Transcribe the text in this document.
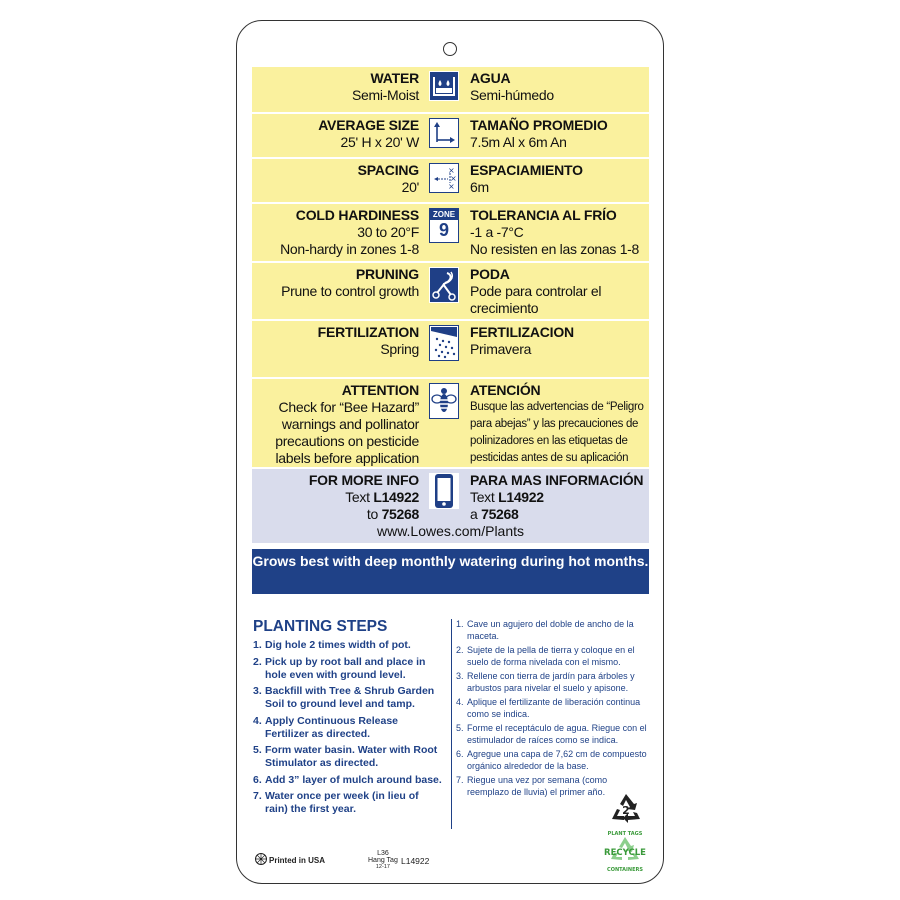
WATER
Semi-Moist
AGUA
Semi-húmedo
AVERAGE SIZE
25' H x 20' W
TAMAÑO PROMEDIO
7.5m Al x 6m An
SPACING
20'
×
×
×
ESPACIAMIENTO
6m
COLD HARDINESS
30 to 20°F
Non-hardy in zones 1-8
ZONE
9
TOLERANCIA AL FRÍO
-1 a -7°C
No resisten en las zonas 1-8
PRUNING
Prune to control growth
PODA
Pode para controlar el
crecimiento
FERTILIZATION
Spring
FERTILIZACION
Primavera
ATTENTION
Check for “Bee Hazard”
warnings and pollinator
precautions on pesticide
labels before application
ATENCIÓN
Busque las advertencias de “Peligro
para abejas” y las precauciones de
polinizadores en las etiquetas de
pesticidas antes de su aplicación
FOR MORE INFO
Text L14922
to 75268
PARA MAS INFORMACIÓN
Text L14922
a 75268
www.Lowes.com/Plants
Grows best with deep monthly watering during hot months.
PLANTING STEPS
1. Dig hole 2 times width of pot.
2. Pick up by root ball and place in hole even with ground level.
3. Backfill with Tree & Shrub Garden Soil to ground level and tamp.
4. Apply Continuous Release Fertilizer as directed.
5. Form water basin. Water with Root Stimulator as directed.
6. Add 3” layer of mulch around base.
7. Water once per week (in lieu of rain) the first year.
1. Cave un agujero del doble de ancho de la maceta.
2. Sujete de la pella de tierra y coloque en el suelo de forma nivelada con el mismo.
3. Rellene con tierra de jardín para árboles y arbustos para nivelar el suelo y apisone.
4. Aplique el fertilizante de liberación continua como se indica.
5. Forme el receptáculo de agua. Riegue con el estimulador de raíces como se indica.
6. Agregue una capa de 7,62 cm de compuesto orgánico alrededor de la base.
7. Riegue una vez por semana (como reemplazo de lluvia) el primer año.
2
PLANT TAGS
RECYCLE
CONTAINERS
Printed in USA
L36
Hang Tag
12-17
L14922
